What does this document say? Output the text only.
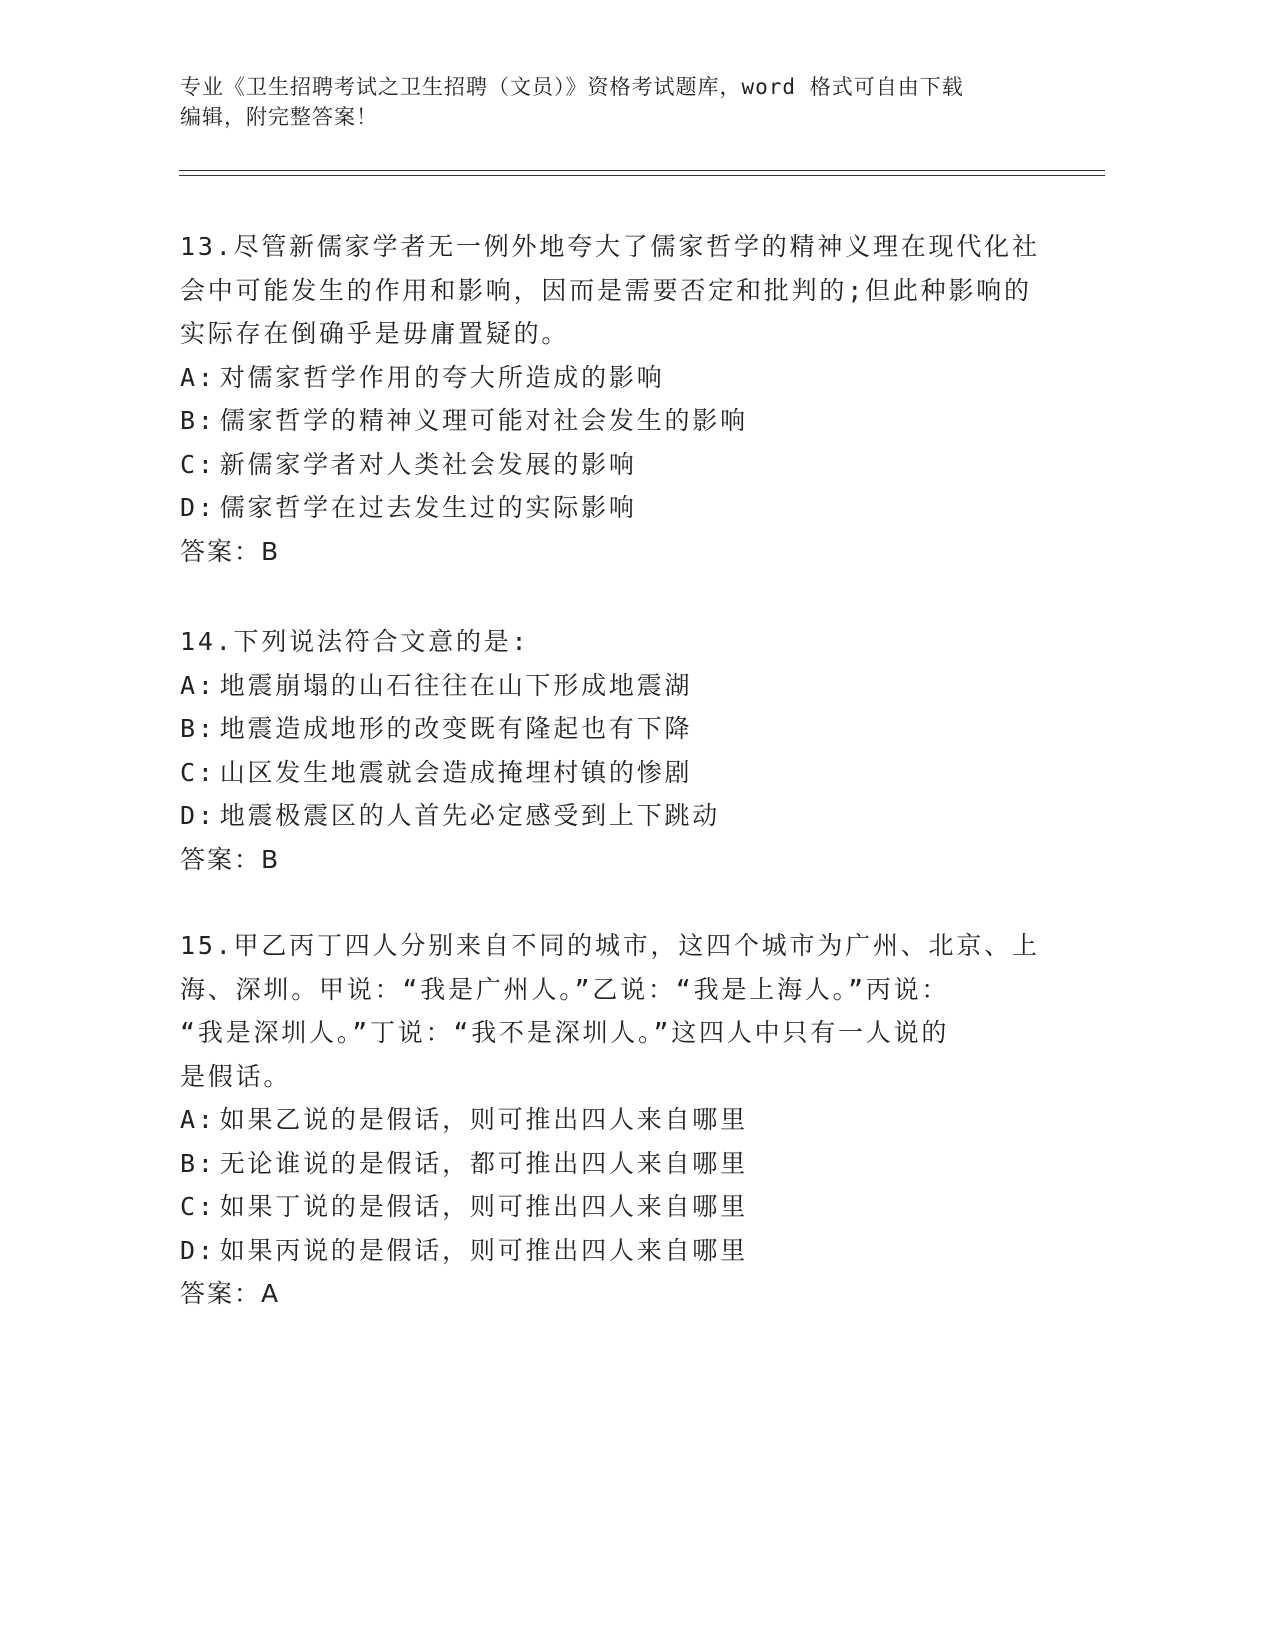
专业《卫生招聘考试之卫生招聘（文员）》资格考试题库，word 格式可自由下载
编辑，附完整答案！
13.尽管新儒家学者无一例外地夸大了儒家哲学的精神义理在现代化社
会中可能发生的作用和影响，因而是需要否定和批判的;但此种影响的
实际存在倒确乎是毋庸置疑的。
A: 对儒家哲学作用的夸大所造成的影响
B: 儒家哲学的精神义理可能对社会发生的影响
C: 新儒家学者对人类社会发展的影响
D: 儒家哲学在过去发生过的实际影响
答案：B
14.下列说法符合文意的是:
A: 地震崩塌的山石往往在山下形成地震湖
B: 地震造成地形的改变既有隆起也有下降
C: 山区发生地震就会造成掩埋村镇的惨剧
D: 地震极震区的人首先必定感受到上下跳动
答案：B
15.甲乙丙丁四人分别来自不同的城市，这四个城市为广州、北京、上
海、深圳。甲说：“我是广州人。”乙说：“我是上海人。”丙说：
“我是深圳人。”丁说：“我不是深圳人。”这四人中只有一人说的
是假话。
A: 如果乙说的是假话，则可推出四人来自哪里
B: 无论谁说的是假话，都可推出四人来自哪里
C: 如果丁说的是假话，则可推出四人来自哪里
D: 如果丙说的是假话，则可推出四人来自哪里
答案：A
